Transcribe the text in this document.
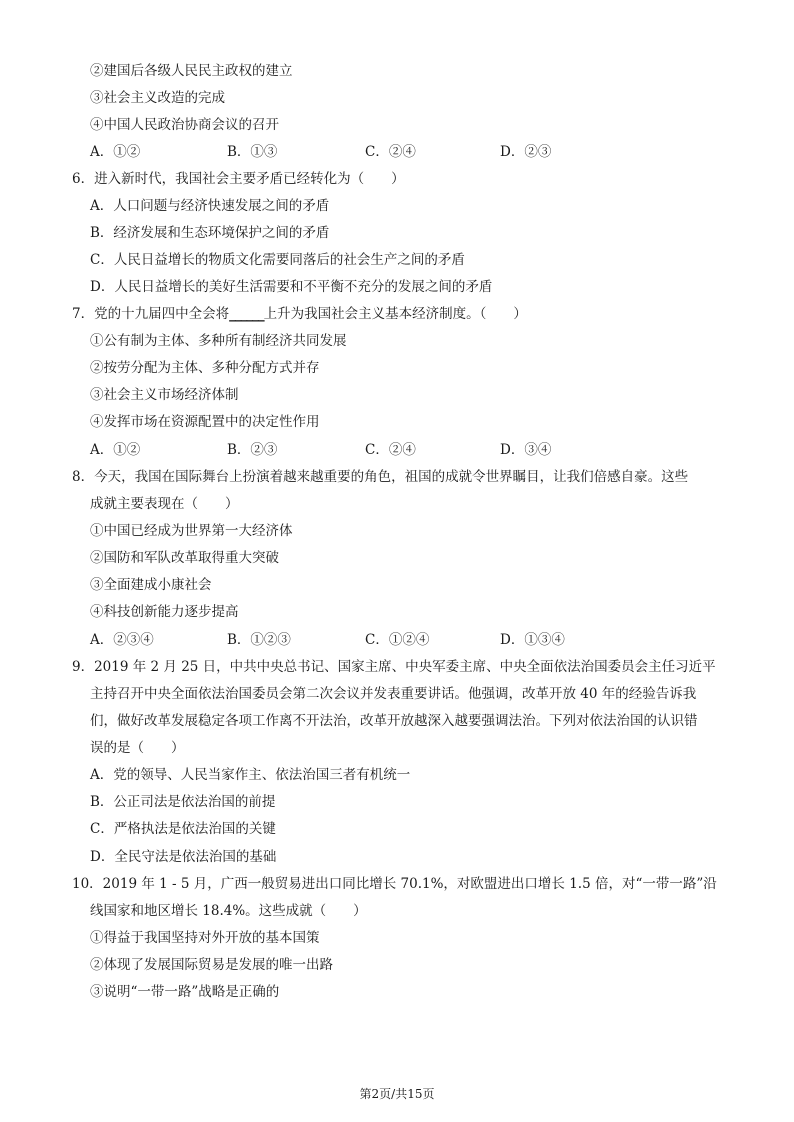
②建国后各级人民民主政权的建立
③社会主义改造的完成
④中国人民政治协商会议的召开
A．①②	B．①③	C．②④	D．②③
6．进入新时代，我国社会主要矛盾已经转化为（　　）
A．人口问题与经济快速发展之间的矛盾
B．经济发展和生态环境保护之间的矛盾
C．人民日益增长的物质文化需要同落后的社会生产之间的矛盾
D．人民日益增长的美好生活需要和不平衡不充分的发展之间的矛盾
7．党的十九届四中全会将______上升为我国社会主义基本经济制度。（　　）
①公有制为主体、多种所有制经济共同发展
②按劳分配为主体、多种分配方式并存
③社会主义市场经济体制
④发挥市场在资源配置中的决定性作用
A．①②	B．②③	C．②④	D．③④
8．今天，我国在国际舞台上扮演着越来越重要的角色，祖国的成就令世界瞩目，让我们倍感自豪。这些
成就主要表现在（　　）
①中国已经成为世界第一大经济体
②国防和军队改革取得重大突破
③全面建成小康社会
④科技创新能力逐步提高
A．②③④	B．①②③	C．①②④	D．①③④
9．2019 年 2 月 25 日，中共中央总书记、国家主席、中央军委主席、中央全面依法治国委员会主任习近平
主持召开中央全面依法治国委员会第二次会议并发表重要讲话。他强调，改革开放 40 年的经验告诉我
们，做好改革发展稳定各项工作离不开法治，改革开放越深入越要强调法治。下列对依法治国的认识错
误的是（　　）
A．党的领导、人民当家作主、依法治国三者有机统一
B．公正司法是依法治国的前提
C．严格执法是依法治国的关键
D．全民守法是依法治国的基础
10．2019 年 1 - 5 月，广西一般贸易进出口同比增长 70.1%，对欧盟进出口增长 1.5 倍，对“一带一路”沿
线国家和地区增长 18.4%。这些成就（　　）
①得益于我国坚持对外开放的基本国策
②体现了发展国际贸易是发展的唯一出路
③说明“一带一路”战略是正确的
第2页/共15页
